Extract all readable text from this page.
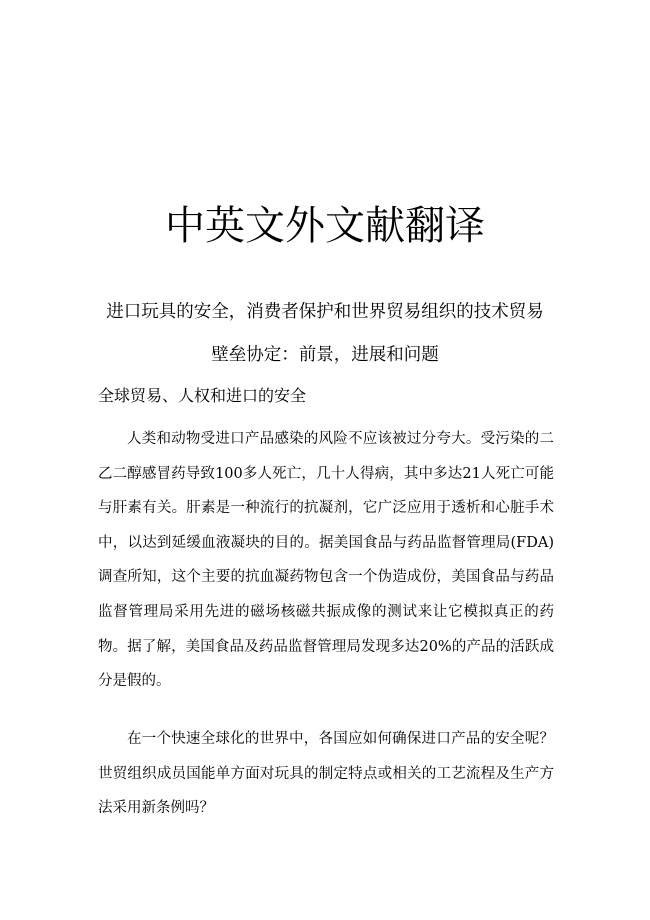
中英文外文献翻译
进口玩具的安全，消费者保护和世界贸易组织的技术贸易
壁垒协定：前景，进展和问题
全球贸易、人权和进口的安全

人类和动物受进口产品感染的风险不应该被过分夸大。受污染的二乙二醇感冒药导致100多人死亡，几十人得病，其中多达21人死亡可能与肝素有关。肝素是一种流行的抗凝剂，它广泛应用于透析和心脏手术中，以达到延缓血液凝块的目的。据美国食品与药品监督管理局(FDA)调查所知，这个主要的抗血凝药物包含一个伪造成份，美国食品与药品监督管理局采用先进的磁场核磁共振成像的测试来让它模拟真正的药物。据了解，美国食品及药品监督管理局发现多达20%的产品的活跃成分是假的。

在一个快速全球化的世界中，各国应如何确保进口产品的安全呢？世贸组织成员国能单方面对玩具的制定特点或相关的工艺流程及生产方法采用新条例吗？
